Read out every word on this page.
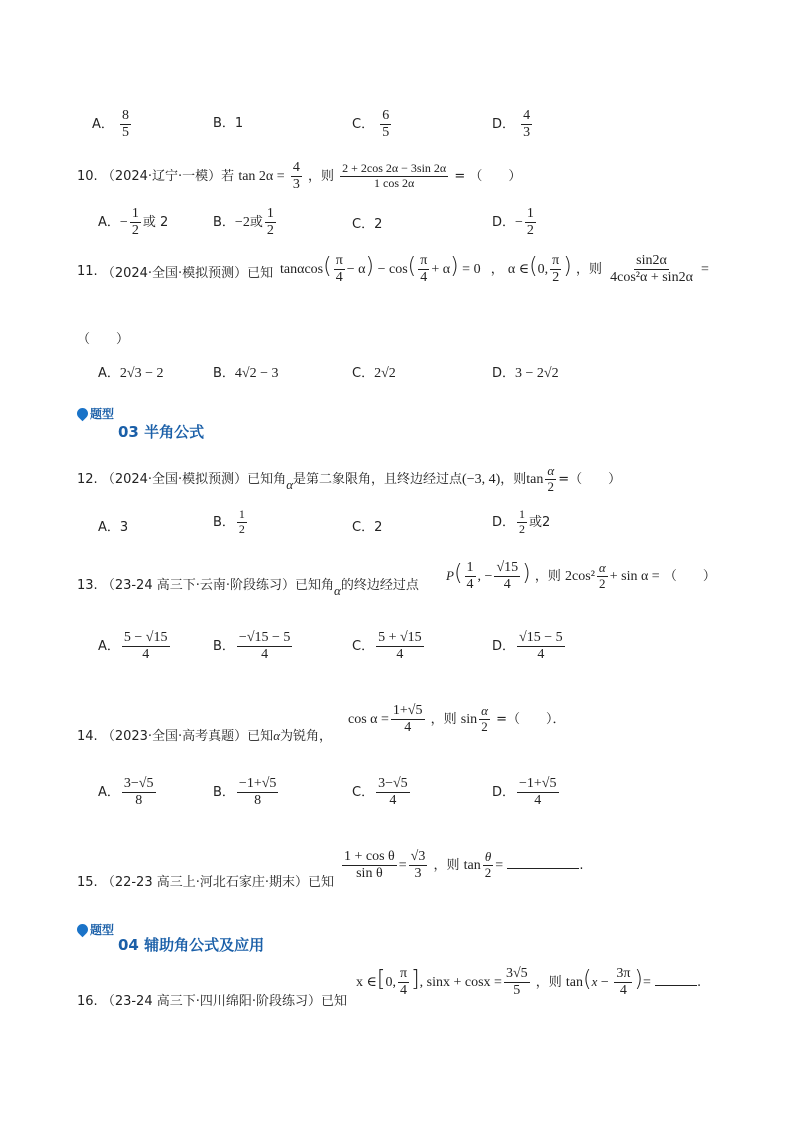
A． $\frac{8}{5}$	B．1	C． $\frac{6}{5}$	D． $\frac{4}{3}$
10. （2024·辽宁·一模）若 $\tan 2\alpha = \frac{4}{3}$ ，则 $\frac{2 + 2\cos 2\alpha - 3\sin 2\alpha}{1 \cos 2\alpha}$ = （　　）
A．− $\frac{1}{2}$ 或 2	B．−2或 $\frac{1}{2}$	C．2	D．− $\frac{1}{2}$
11. （2024·全国·模拟预测）已知 $\tan\alpha\cos( \frac{\pi}{4} - \alpha) - \cos( \frac{\pi}{4} + \alpha) = 0$ ， α ∈(0, $\frac{\pi}{2}$ ) ，则 $\frac{\sin 2\alpha}{\text{4cos²α + sin2α}}$ =
（　　）
A．2√3 − 2	B．4√2 − 3	C．2√2	D．3 − 2√2
题型
03 半角公式
12. （2024·全国·模拟预测）已知角α是第二象限角，且终边经过点(−3, 4)，则$\tan \frac{\alpha}{2}$ =（　　）
A．3	B． $\frac{1}{2}$	C．2	D． $\frac{1}{2}$ 或2
13. （23-24 高三下·云南·阶段练习）已知角α的终边经过点
$P( \frac{1}{4}$ , − $\frac{√15}{4}$ ) ，则 $2\cos^2 \frac{\alpha}{2} + \sin \alpha$ = （　　）
A． $\frac{5 - √15}{4}$	B． $\frac{-√15 - 5}{4}$	C． $\frac{5 + √15}{4}$	D． $\frac{√15 - 5}{4}$
14. （2023·全国·高考真题）已知α为锐角，
$\cos \alpha = \frac{1+√5}{4}$ ，则 $\sin \frac{\alpha}{2}$ =（　　）．
A． $\frac{3-√5}{8}$	B． $\frac{-1+√5}{8}$	C． $\frac{3-√5}{4}$	D． $\frac{-1+√5}{4}$
15. （22-23 高三上·河北石家庄·期末）已知
$\frac{\text{1 + cos θ}}{\text{sin θ}} = \frac{√3}{3}$ ，则 $\tan \frac{\theta}{2}$ =	.
题型
04 辅助角公式及应用
16. （23-24 高三下·四川绵阳·阶段练习）已知
x ∈[0, $\frac{\pi}{4}$ ], $\sin x + \cos x = \frac{3√5}{5}$ ，则 $\tan(x - \frac{3\pi}{4}$ )=	.
